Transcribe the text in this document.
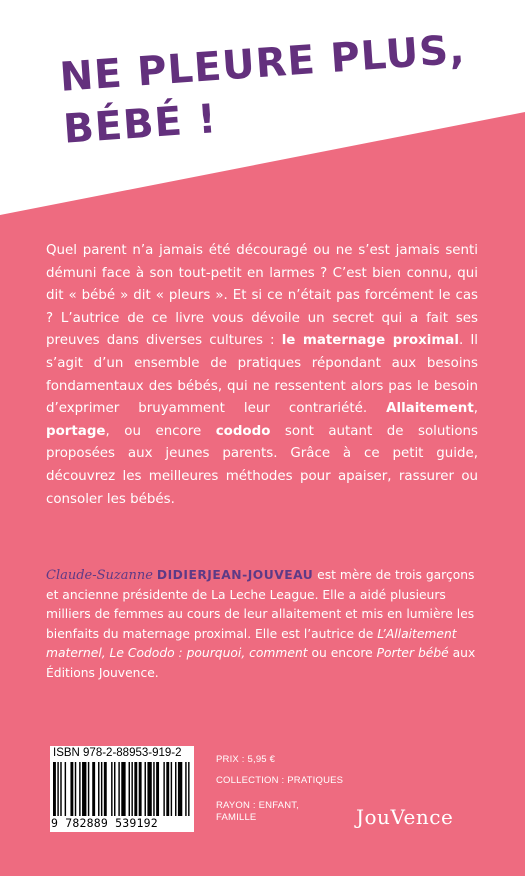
NE PLEURE PLUS,
BÉBÉ !

Quel parent n’a jamais été découragé ou ne s’est jamais senti démuni face à son tout-petit en larmes ? C’est bien connu, qui dit « bébé » dit « pleurs ». Et si ce n’était pas forcément le cas ? L’autrice de ce livre vous dévoile un secret qui a fait ses preuves dans diverses cultures : le maternage proximal. Il s’agit d’un ensemble de pratiques répondant aux besoins fondamentaux des bébés, qui ne ressentent alors pas le besoin d’exprimer bruyamment leur contrariété. Allaitement, portage, ou encore cododo sont autant de solutions proposées aux jeunes parents. Grâce à ce petit guide, découvrez les meilleures méthodes pour apaiser, rassurer ou consoler les bébés.

Claude-Suzanne DIDIERJEAN-JOUVEAU est mère de trois garçons et ancienne présidente de La Leche League. Elle a aidé plusieurs milliers de femmes au cours de leur allaitement et mis en lumière les bienfaits du maternage proximal. Elle est l’autrice de L’Allaitement maternel, Le Cododo : pourquoi, comment ou encore Porter bébé aux Éditions Jouvence.

ISBN 978-2-88953-919-2
9 782889 539192

PRIX : 5,95 €

COLLECTION : PRATIQUES

RAYON : ENFANT, FAMILLE	JouVence
